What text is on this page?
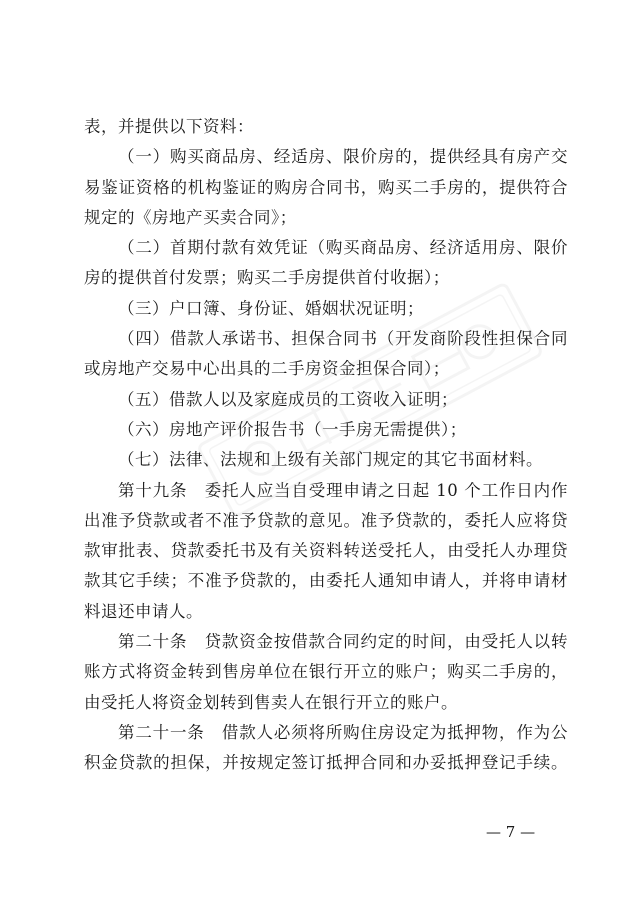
表，并提供以下资料：
（一）购买商品房、经适房、限价房的，提供经具有房产交
易鉴证资格的机构鉴证的购房合同书，购买二手房的，提供符合
规定的《房地产买卖合同》；
（二）首期付款有效凭证（购买商品房、经济适用房、限价
房的提供首付发票；购买二手房提供首付收据）；
（三）户口簿、身份证、婚姻状况证明；
（四）借款人承诺书、担保合同书（开发商阶段性担保合同
或房地产交易中心出具的二手房资金担保合同）；
（五）借款人以及家庭成员的工资收入证明；
（六）房地产评价报告书（一手房无需提供）；
（七）法律、法规和上级有关部门规定的其它书面材料。
第十九条　委托人应当自受理申请之日起 10 个工作日内作
出准予贷款或者不准予贷款的意见。准予贷款的，委托人应将贷
款审批表、贷款委托书及有关资料转送受托人，由受托人办理贷
款其它手续；不准予贷款的，由委托人通知申请人，并将申请材
料退还申请人。
第二十条　贷款资金按借款合同约定的时间，由受托人以转
账方式将资金转到售房单位在银行开立的账户；购买二手房的，
由受托人将资金划转到售卖人在银行开立的账户。
第二十一条　借款人必须将所购住房设定为抵押物，作为公
积金贷款的担保，并按规定签订抵押合同和办妥抵押登记手续。
— 7 —
